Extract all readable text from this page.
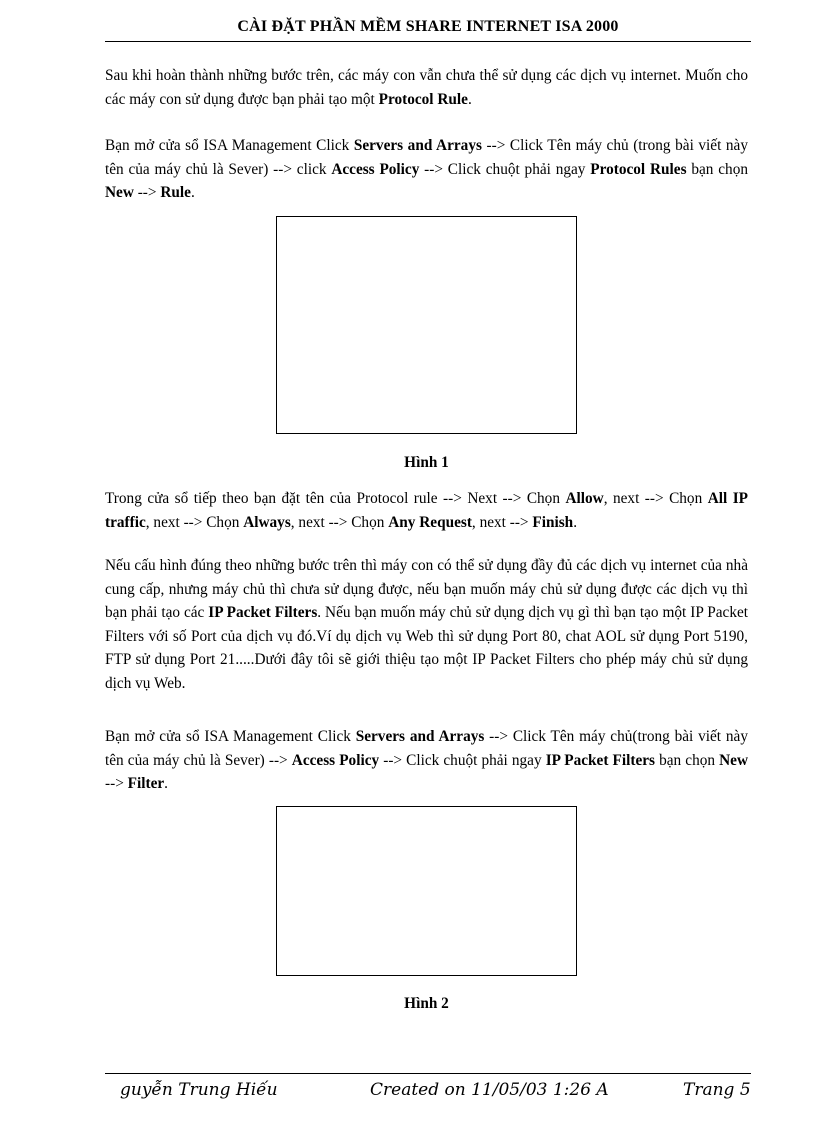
CÀI ĐẶT PHẦN MỀM SHARE INTERNET ISA 2000

Sau khi hoàn thành những bước trên, các máy con vẫn chưa thể sử dụng các dịch vụ internet. Muốn cho các máy con sử dụng được bạn phải tạo một Protocol Rule.

Bạn mở cửa sổ ISA Management Click Servers and Arrays --> Click Tên máy chủ (trong bài viết này tên của máy chủ là Sever) --> click Access Policy --> Click chuột phải ngay Protocol Rules bạn chọn New --> Rule.

Hình 1

Trong cửa sổ tiếp theo bạn đặt tên của Protocol rule --> Next --> Chọn Allow, next --> Chọn All IP traffic, next --> Chọn Always, next --> Chọn Any Request, next --> Finish.

Nếu cấu hình đúng theo những bước trên thì máy con có thể sử dụng đầy đủ các dịch vụ internet của nhà cung cấp, nhưng máy chủ thì chưa sử dụng được, nếu bạn muốn máy chủ sử dụng được các dịch vụ thì bạn phải tạo các IP Packet Filters. Nếu bạn muốn máy chủ sử dụng dịch vụ gì thì bạn tạo một IP Packet Filters với số Port của dịch vụ đó.Ví dụ dịch vụ Web thì sử dụng Port 80, chat AOL sử dụng Port 5190, FTP sử dụng Port 21.....Dưới đây tôi sẽ giới thiệu tạo một IP Packet Filters cho phép máy chủ sử dụng dịch vụ Web.

Bạn mở cửa sổ ISA Management Click Servers and Arrays --> Click Tên máy chủ(trong bài viết này tên của máy chủ là Sever) --> Access Policy --> Click chuột phải ngay IP Packet Filters bạn chọn New --> Filter.

Hình 2
guyễn Trung Hiếu	Created on 11/05/03 1:26 A	Trang 5
